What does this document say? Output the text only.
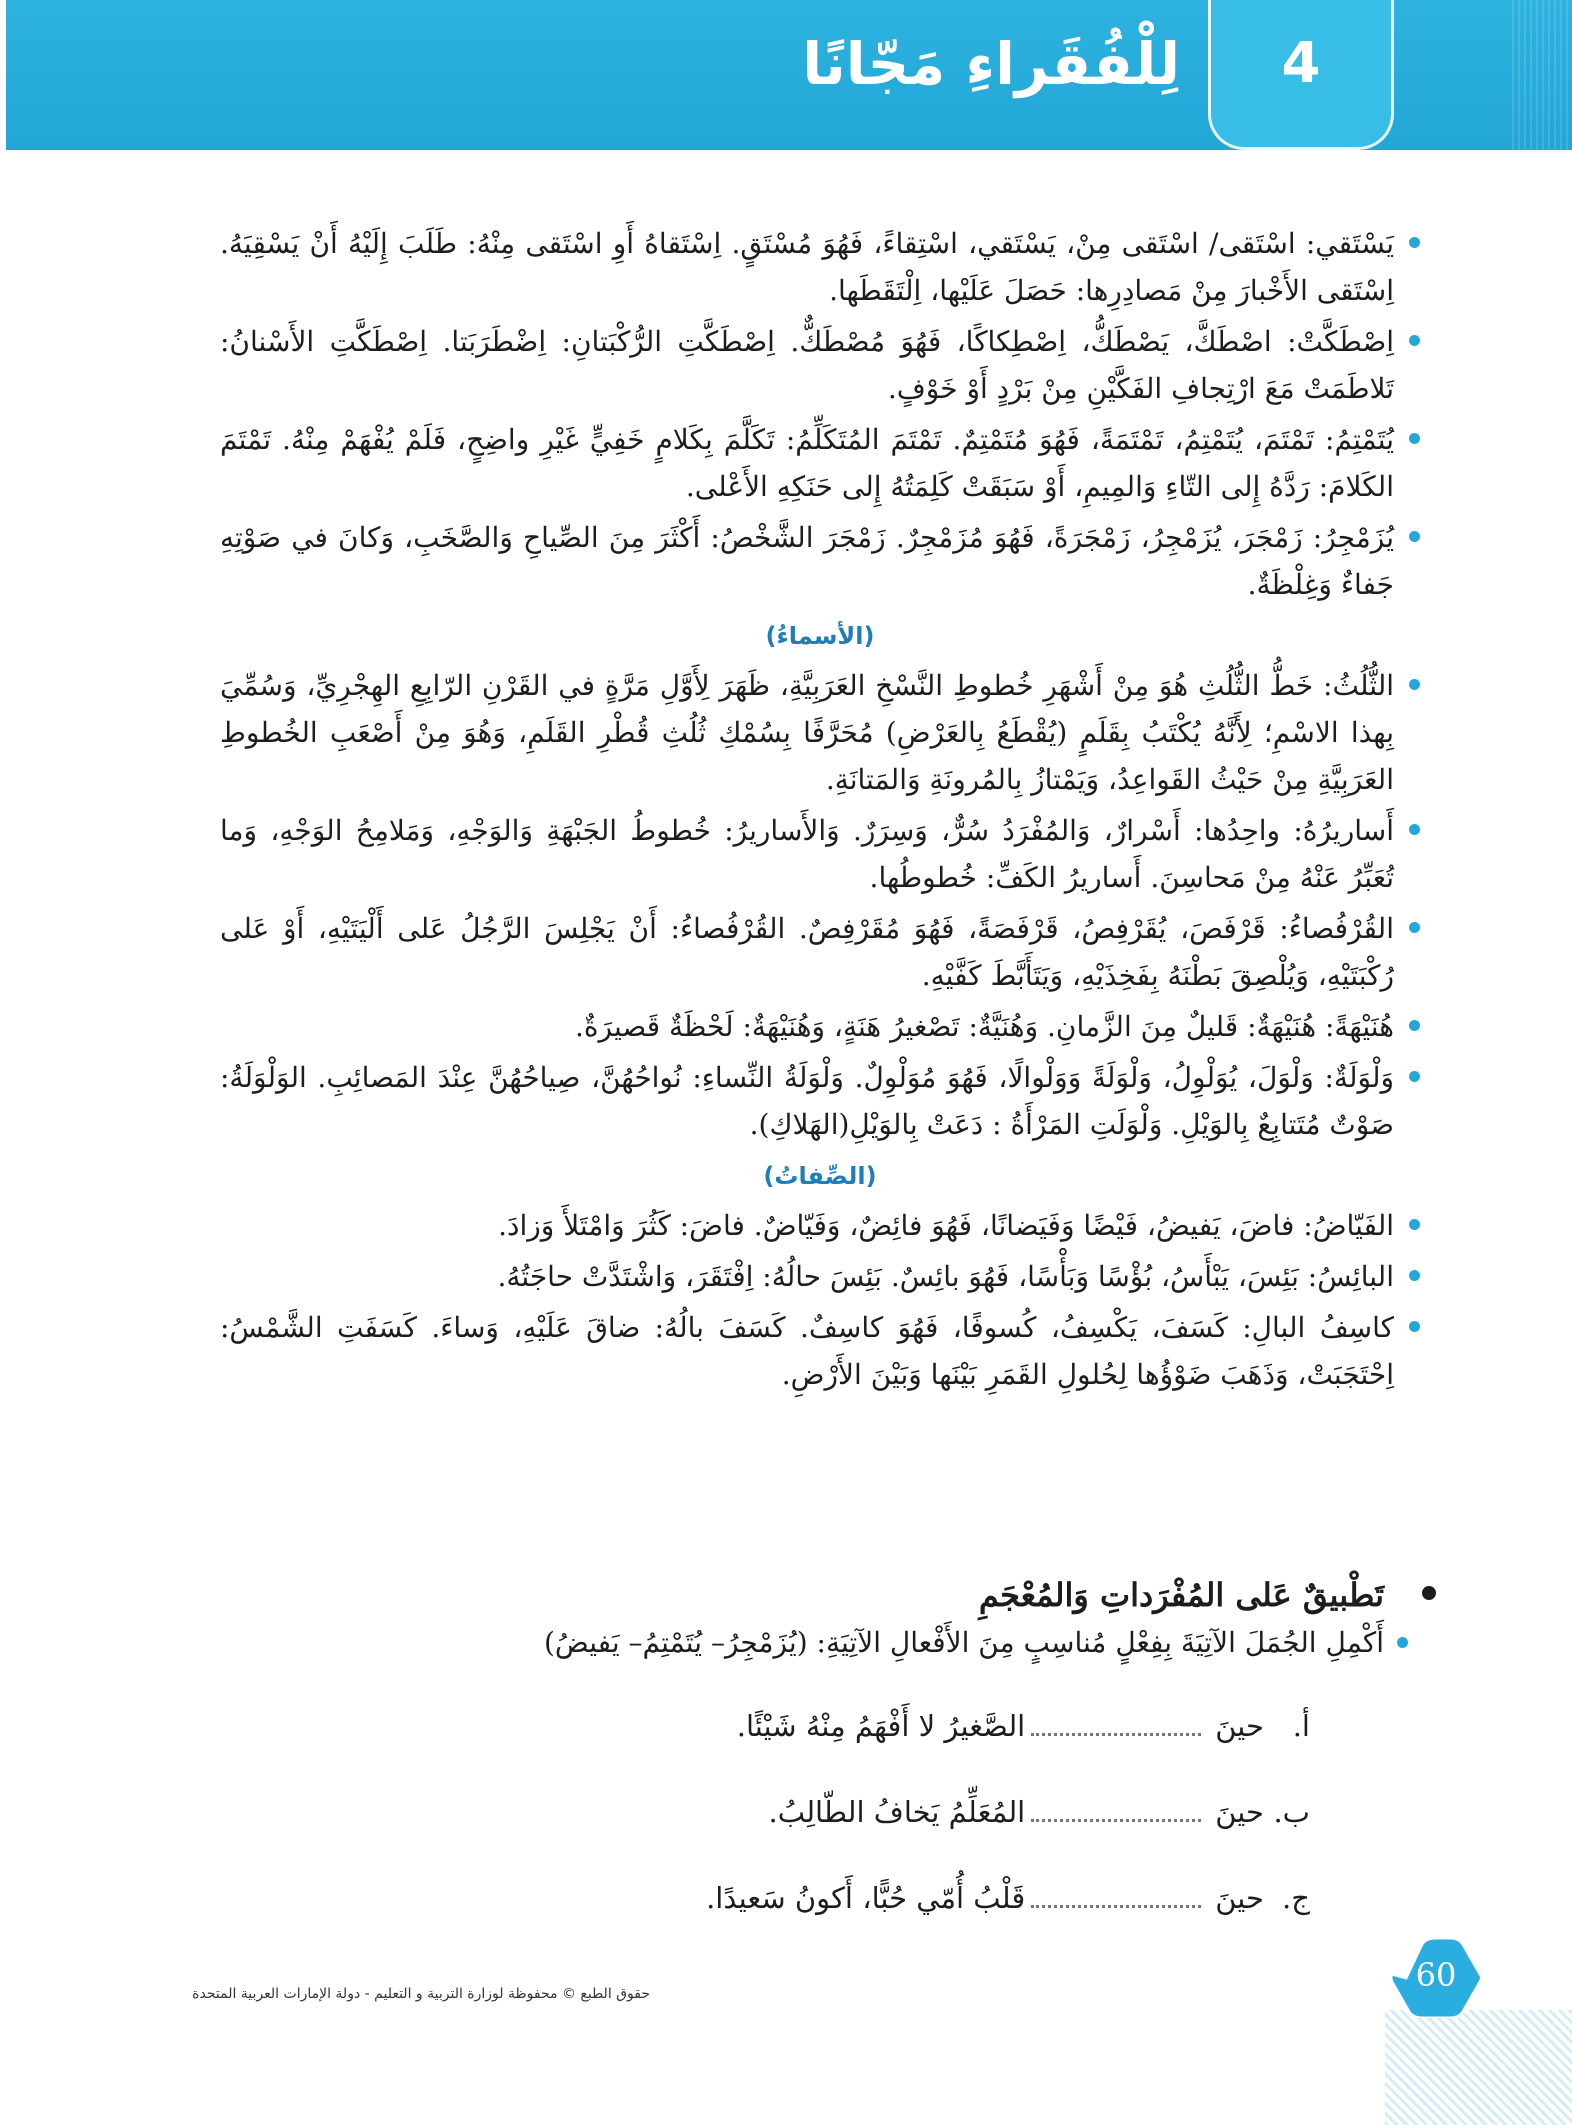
4
لِلْفُقَراءِ مَجّانًا
يَسْتَقي: اسْتَقى/ اسْتَقى مِنْ، يَسْتَقي، اسْتِقاءً، فَهُوَ مُسْتَقٍ. اِسْتَقاهُ أَوِ اسْتَقى مِنْهُ: طَلَبَ إِلَيْهُ أَنْ يَسْقِيَهُ. اِسْتَقى الأَخْبارَ مِنْ مَصادِرِها: حَصَلَ عَلَيْها، اِلْتَقَطَها.
اِصْطَكَّتْ: اصْطَكَّ، يَصْطَكُّ، اِصْطِكاكًا، فَهُوَ مُصْطَكٌّ. اِصْطَكَّتِ الرُّكْبَتانِ: اِضْطَرَبَتا. اِصْطَكَّتِ الأَسْنانُ: تَلاطَمَتْ مَعَ ارْتِجافِ الفَكَّيْنِ مِنْ بَرْدٍ أَوْ خَوْفٍ.
يُتَمْتِمُ: تَمْتَمَ، يُتَمْتِمُ، تَمْتَمَةً، فَهُوَ مُتَمْتِمٌ. تَمْتَمَ المُتَكَلِّمُ: تَكَلَّمَ بِكَلامٍ خَفِيٍّ غَيْرِ واضِحٍ، فَلَمْ يُفْهَمْ مِنْهُ. تَمْتَمَ الكَلامَ: رَدَّهُ إِلى التّاءِ وَالمِيمِ، أَوْ سَبَقَتْ كَلِمَتُهُ إِلى حَنَكِهِ الأَعْلى.
يُزَمْجِرُ: زَمْجَرَ، يُزَمْجِرُ، زَمْجَرَةً، فَهُوَ مُزَمْجِرٌ. زَمْجَرَ الشَّخْصُ: أَكْثَرَ مِنَ الصِّياحِ وَالصَّخَبِ، وَكانَ في صَوْتِهِ جَفاءٌ وَغِلْظَةٌ.
(الأسماءُ)
الثُّلُثُ: خَطُّ الثُّلُثِ هُوَ مِنْ أَشْهَرِ خُطوطِ النَّسْخِ العَرَبِيَّةِ، ظَهَرَ لِأَوَّلِ مَرَّةٍ في القَرْنِ الرّابِعِ الهِجْرِيِّ، وَسُمِّيَ بِهذا الاسْمِ؛ لِأَنَّهُ يُكْتَبُ بِقَلَمٍ (يُقْطَعُ بِالعَرْضِ) مُحَرَّفًا بِسُمْكِ ثُلُثِ قُطْرِ القَلَمِ، وَهُوَ مِنْ أَصْعَبِ الخُطوطِ العَرَبِيَّةِ مِنْ حَيْثُ القَواعِدُ، وَيَمْتازُ بِالمُرونَةِ وَالمَتانَةِ.
أَساريرُهُ: واحِدُها: أَسْرارٌ، وَالمُفْرَدُ سُرٌّ، وَسِرَرٌ. وَالأَساريرُ: خُطوطُ الجَبْهَةِ وَالوَجْهِ، وَمَلامِحُ الوَجْهِ، وَما تُعَبِّرُ عَنْهُ مِنْ مَحاسِنَ. أَساريرُ الكَفِّ: خُطوطُها.
القُرْفُصاءُ: قَرْفَصَ، يُقَرْفِصُ، قَرْفَصَةً، فَهُوَ مُقَرْفِصٌ. القُرْفُصاءُ: أَنْ يَجْلِسَ الرَّجُلُ عَلى أَلْيَتَيْهِ، أَوْ عَلى رُكْبَتَيْهِ، وَيُلْصِقَ بَطْنَهُ بِفَخِذَيْهِ، وَيَتَأَبَّطَ كَفَّيْهِ.
هُنَيْهَةً: هُنَيْهَةٌ: قَليلٌ مِنَ الزَّمانِ. وَهُنَيَّةٌ: تَصْغيرُ هَنَةٍ، وَهُنَيْهَةٌ: لَحْظَةٌ قَصيرَةٌ.
وَلْوَلَةٌ: وَلْوَلَ، يُوَلْوِلُ، وَلْوَلَةً وَوَلْوالًا، فَهُوَ مُوَلْوِلٌ. وَلْوَلَةُ النِّساءِ: نُواحُهُنَّ، صِياحُهُنَّ عِنْدَ المَصائِبِ. الوَلْوَلَةُ: صَوْتٌ مُتَتابِعٌ بِالوَيْلِ. وَلْوَلَتِ المَرْأَةُ : دَعَتْ بِالوَيْلِ(الهَلاكِ).
(الصِّفاتُ)
الفَيّاضُ: فاضَ، يَفيضُ، فَيْضًا وَفَيَضانًا، فَهُوَ فائِضٌ، وَفَيّاضٌ. فاضَ: كَثُرَ وَامْتَلأَ وَزادَ.
البائِسُ: بَئِسَ، يَبْأَسُ، بُؤْسًا وَبَأْسًا، فَهُوَ بائِسٌ. بَئِسَ حالُهُ: اِفْتَقَرَ، وَاشْتَدَّتْ حاجَتُهُ.
كاسِفُ البالِ: كَسَفَ، يَكْسِفُ، كُسوفًا، فَهُوَ كاسِفٌ. كَسَفَ بالُهُ: ضاقَ عَلَيْهِ، وَساءَ. كَسَفَتِ الشَّمْسُ: اِحْتَجَبَتْ، وَذَهَبَ ضَوْؤُها لِحُلولِ القَمَرِ بَيْنَها وَبَيْنَ الأَرْضِ.
تَطْبيقٌ عَلى المُفْرَداتِ وَالمُعْجَمِ
أَكْمِلِ الجُمَلَ الآتِيَةَ بِفِعْلٍ مُناسِبٍ مِنَ الأَفْعالِ الآتِيَةِ: (يُزَمْجِرُ– يُتَمْتِمُ– يَفيضُ)
أ.
حينَ
الصَّغيرُ لا أَفْهَمُ مِنْهُ شَيْئًا.
ب.
حينَ
المُعَلِّمُ يَخافُ الطّالِبُ.
ج.
حينَ
قَلْبُ أُمّي حُبًّا، أَكونُ سَعيدًا.
حقوق الطبع © محفوظة لوزارة التربية و التعليم - دولة الإمارات العربية المتحدة	60
